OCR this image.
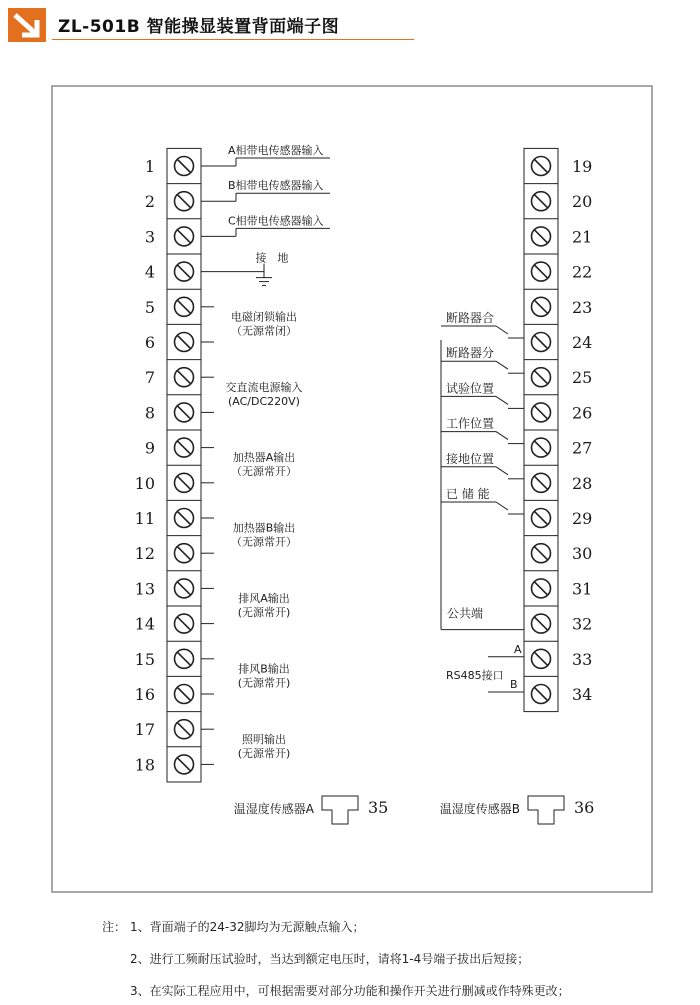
ZL-501B 智能操显装置背面端子图
1
2
3
4
5
6
7
8
9
10
11
12
13
14
15
16
17
18
A相带电传感器输入
B相带电传感器输入
C相带电传感器输入
接　地
电磁闭锁输出
（无源常闭）
交直流电源输入
(AC/DC220V)
加热器A输出
（无源常开）
加热器B输出
（无源常开）
排风A输出
(无源常开)
排风B输出
(无源常开)
照明输出
(无源常开)
19
20
21
22
23
24
25
26
27
28
29
30
31
32
33
34
公共端
断路器合
断路器分
试验位置
工作位置
接地位置
已 储 能
A
B
RS485接口
温湿度传感器A	35	温湿度传感器B	36
注： 1、背面端子的24-32脚均为无源触点输入；
2、进行工频耐压试验时，当达到额定电压时，请将1-4号端子拔出后短接；
3、在实际工程应用中，可根据需要对部分功能和操作开关进行删减或作特殊更改；
